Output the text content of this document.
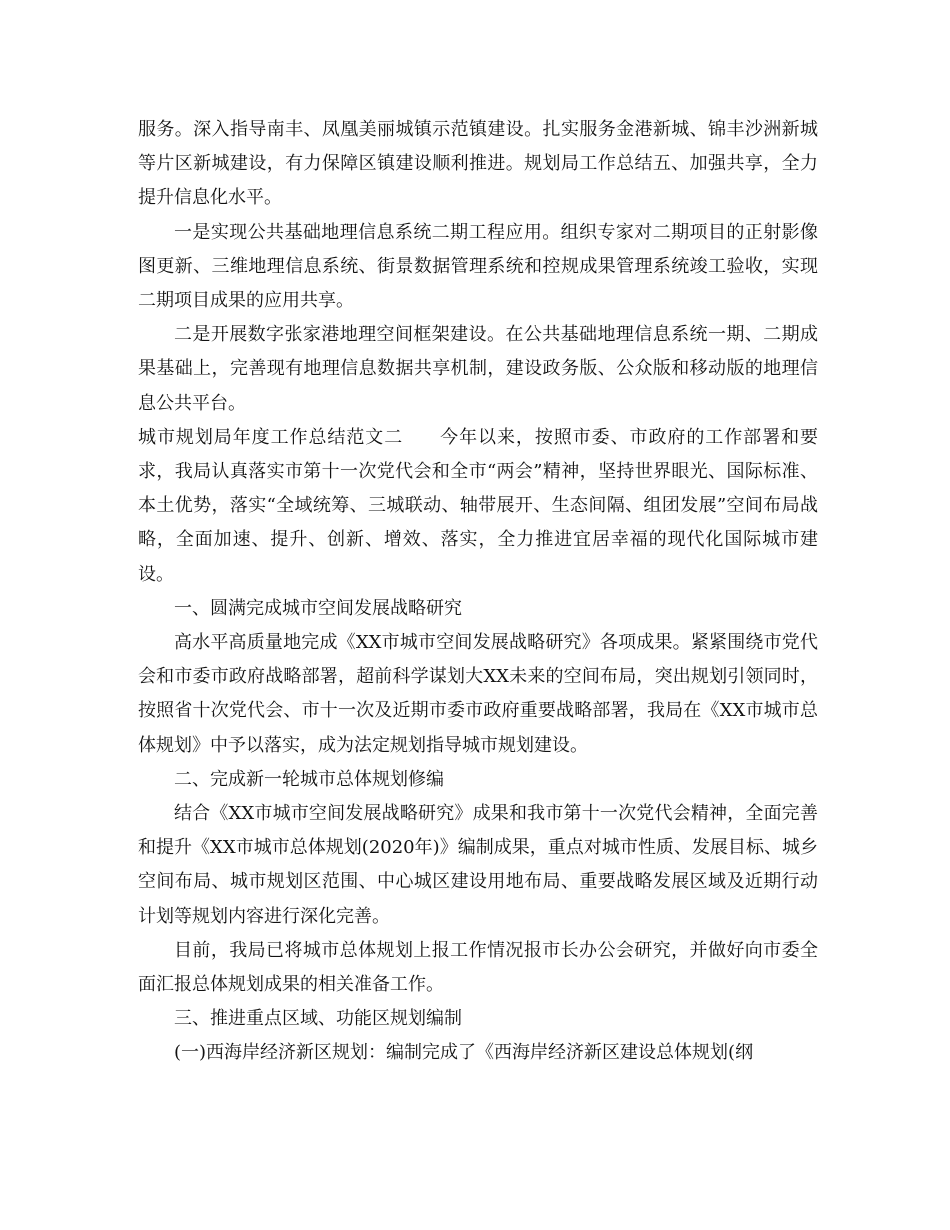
服务。深入指导南丰、凤凰美丽城镇示范镇建设。扎实服务金港新城、锦丰沙洲新城等片区新城建设，有力保障区镇建设顺利推进。规划局工作总结五、加强共享，全力提升信息化水平。

一是实现公共基础地理信息系统二期工程应用。组织专家对二期项目的正射影像图更新、三维地理信息系统、街景数据管理系统和控规成果管理系统竣工验收，实现二期项目成果的应用共享。

二是开展数字张家港地理空间框架建设。在公共基础地理信息系统一期、二期成果基础上，完善现有地理信息数据共享机制，建设政务版、公众版和移动版的地理信息公共平台。

城市规划局年度工作总结范文二 今年以来，按照市委、市政府的工作部署和要求，我局认真落实市第十一次党代会和全市“两会”精神，坚持世界眼光、国际标准、本土优势，落实“全域统筹、三城联动、轴带展开、生态间隔、组团发展”空间布局战略，全面加速、提升、创新、增效、落实，全力推进宜居幸福的现代化国际城市建设。

一、圆满完成城市空间发展战略研究

高水平高质量地完成《XX市城市空间发展战略研究》各项成果。紧紧围绕市党代会和市委市政府战略部署，超前科学谋划大XX未来的空间布局，突出规划引领同时，按照省十次党代会、市十一次及近期市委市政府重要战略部署，我局在《XX市城市总体规划》中予以落实，成为法定规划指导城市规划建设。

二、完成新一轮城市总体规划修编

结合《XX市城市空间发展战略研究》成果和我市第十一次党代会精神，全面完善和提升《XX市城市总体规划(2020年)》编制成果，重点对城市性质、发展目标、城乡空间布局、城市规划区范围、中心城区建设用地布局、重要战略发展区域及近期行动计划等规划内容进行深化完善。

目前，我局已将城市总体规划上报工作情况报市长办公会研究，并做好向市委全面汇报总体规划成果的相关准备工作。

三、推进重点区域、功能区规划编制

(一)西海岸经济新区规划：编制完成了《西海岸经济新区建设总体规划(纲
